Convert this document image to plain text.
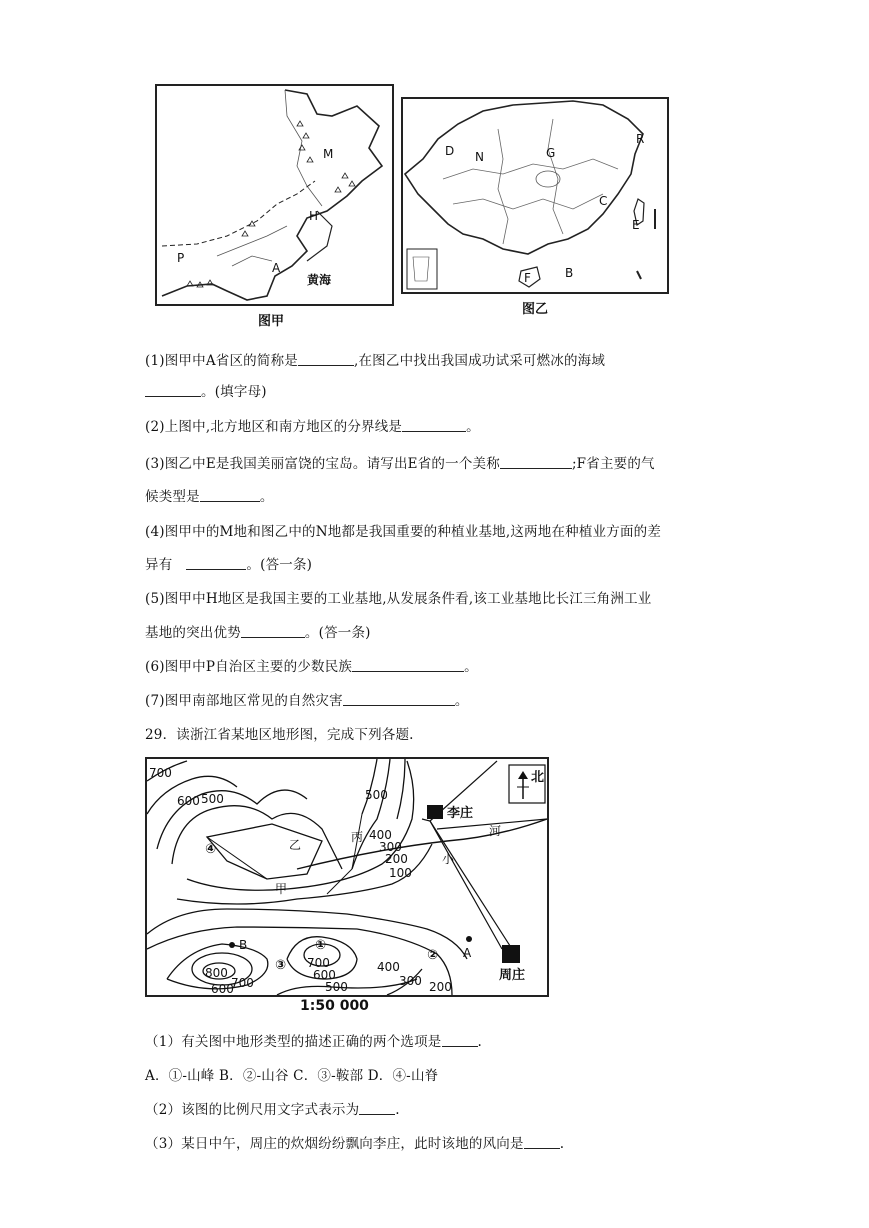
M
H
P
A
黄海
图甲
D N	G
R
C
E
F	B
图乙
(1)图甲中A省区的简称是	,在图乙中找出我国成功试采可燃冰的海域
。(填字母)
(2)上图中,北方地区和南方地区的分界线是	。
(3)图乙中E是我国美丽富饶的宝岛。请写出E省的一个美称	;F省主要的气
候类型是	。
(4)图甲中的M地和图乙中的N地都是我国重要的种植业基地,这两地在种植业方面的差
异有	。(答一条)
(5)图甲中H地区是我国主要的工业基地,从发展条件看,该工业基地比长江三角洲工业
基地的突出优势	。(答一条)
(6)图甲中P自治区主要的少数民族	。
(7)图甲南部地区常见的自然灾害	。
29．读浙江省某地区地形图，完成下列各题.
北
李庄
周庄
小
河
甲
乙
丙
A
B	①
②
③
④
700
600 500	500
400
300
200
100
800
700
700
600
600
500
400
300 200
1:50 000
（1）有关图中地形类型的描述正确的两个选项是	.
A．①-山峰 B．②-山谷 C．③-鞍部 D．④-山脊
（2）该图的比例尺用文字式表示为	.
（3）某日中午，周庄的炊烟纷纷飘向李庄，此时该地的风向是	.
